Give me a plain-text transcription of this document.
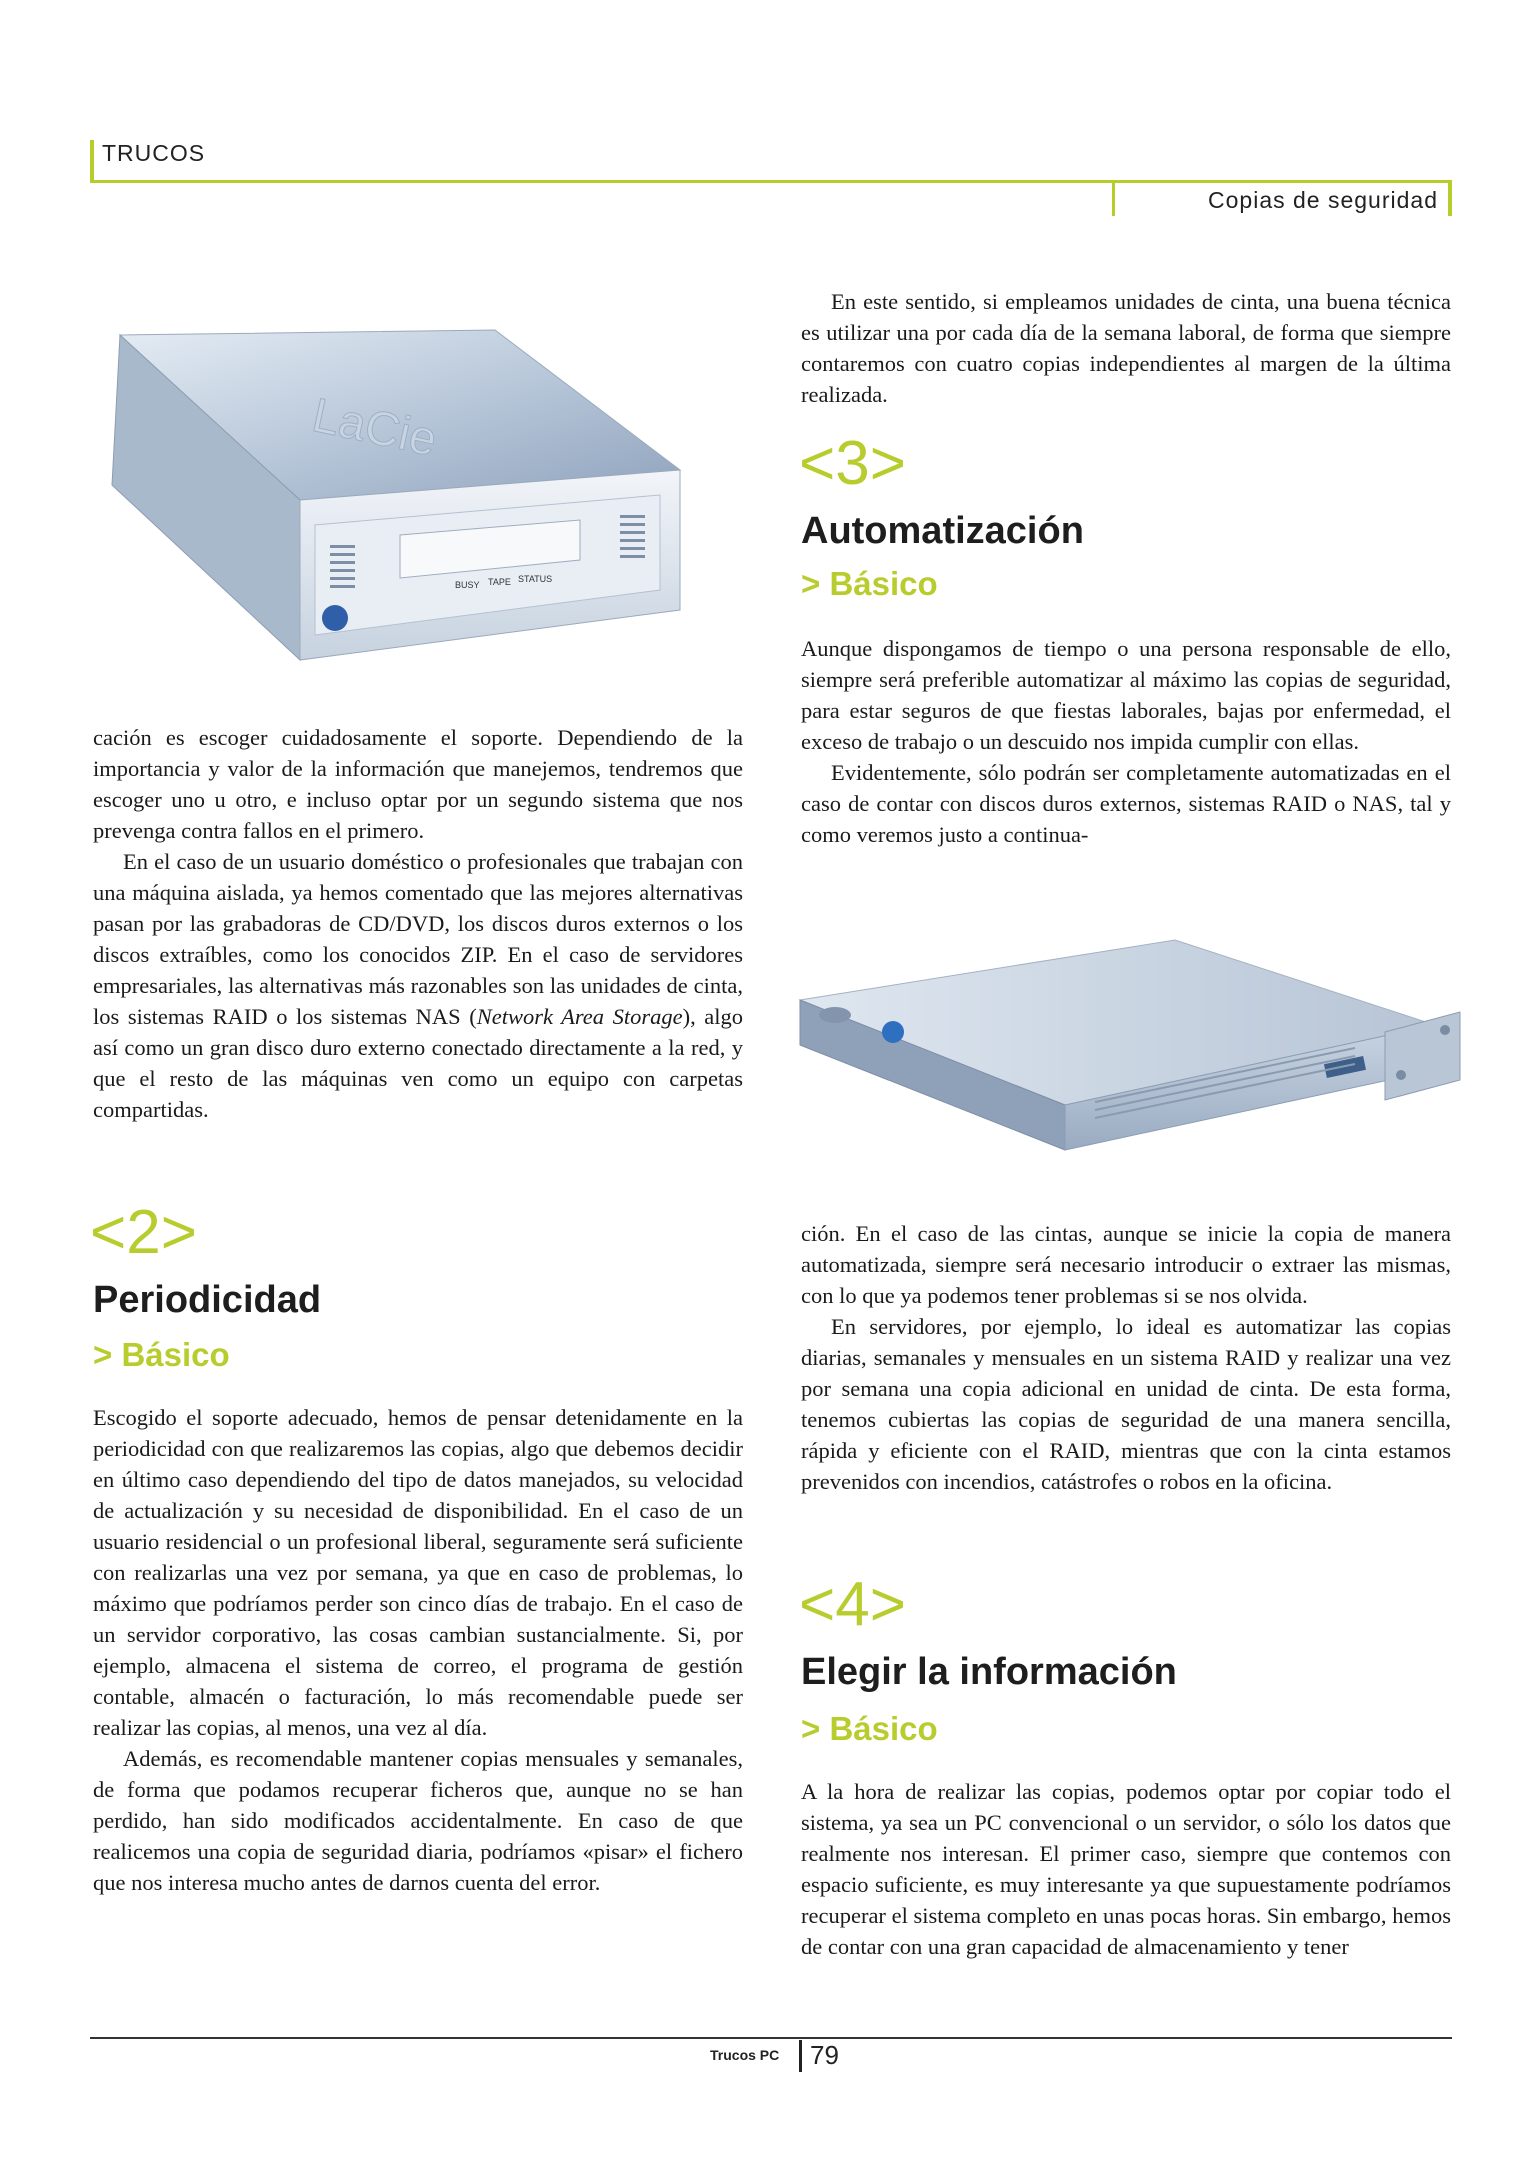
TRUCOS
Copias de seguridad
LaCie
BUSY TAPE STATUS

cación es escoger cuidadosamente el soporte. Dependiendo de la importancia y valor de la información que manejemos, tendremos que escoger uno u otro, e incluso optar por un segundo sistema que nos prevenga contra fallos en el primero.

En el caso de un usuario doméstico o profesionales que trabajan con una máquina aislada, ya hemos comentado que las mejores alternativas pasan por las grabadoras de CD/DVD, los discos duros externos o los discos extraíbles, como los conocidos ZIP. En el caso de servidores empresariales, las alternativas más razonables son las unidades de cinta, los sistemas RAID o los sistemas NAS (Network Area Storage), algo así como un gran disco duro externo conectado directamente a la red, y que el resto de las máquinas ven como un equipo con carpetas compartidas.

<2>
Periodicidad
> Básico

Escogido el soporte adecuado, hemos de pensar detenidamente en la periodicidad con que realizaremos las copias, algo que debemos decidir en último caso dependiendo del tipo de datos manejados, su velocidad de actualización y su necesidad de disponibilidad. En el caso de un usuario residencial o un profesional liberal, seguramente será suficiente con realizarlas una vez por semana, ya que en caso de problemas, lo máximo que podríamos perder son cinco días de trabajo. En el caso de un servidor corporativo, las cosas cambian sustancialmente. Si, por ejemplo, almacena el sistema de correo, el programa de gestión contable, almacén o facturación, lo más recomendable puede ser realizar las copias, al menos, una vez al día.

Además, es recomendable mantener copias mensuales y semanales, de forma que podamos recuperar ficheros que, aunque no se han perdido, han sido modificados accidentalmente. En caso de que realicemos una copia de seguridad diaria, podríamos «pisar» el fichero que nos interesa mucho antes de darnos cuenta del error.

En este sentido, si empleamos unidades de cinta, una buena técnica es utilizar una por cada día de la semana laboral, de forma que siempre contaremos con cuatro copias independientes al margen de la última realizada.

<3>
Automatización
> Básico

Aunque dispongamos de tiempo o una persona responsable de ello, siempre será preferible automatizar al máximo las copias de seguridad, para estar seguros de que fiestas laborales, bajas por enfermedad, el exceso de trabajo o un descuido nos impida cumplir con ellas.

Evidentemente, sólo podrán ser completamente automatizadas en el caso de contar con discos duros externos, sistemas RAID o NAS, tal y como veremos justo a continua-

ción. En el caso de las cintas, aunque se inicie la copia de manera automatizada, siempre será necesario introducir o extraer las mismas, con lo que ya podemos tener problemas si se nos olvida.

En servidores, por ejemplo, lo ideal es automatizar las copias diarias, semanales y mensuales en un sistema RAID y realizar una vez por semana una copia adicional en unidad de cinta. De esta forma, tenemos cubiertas las copias de seguridad de una manera sencilla, rápida y eficiente con el RAID, mientras que con la cinta estamos prevenidos con incendios, catástrofes o robos en la oficina.

<4>
Elegir la información
> Básico

A la hora de realizar las copias, podemos optar por copiar todo el sistema, ya sea un PC convencional o un servidor, o sólo los datos que realmente nos interesan. El primer caso, siempre que contemos con espacio suficiente, es muy interesante ya que supuestamente podríamos recuperar el sistema completo en unas pocas horas. Sin embargo, hemos de contar con una gran capacidad de almacenamiento y tener

Trucos PC 79
